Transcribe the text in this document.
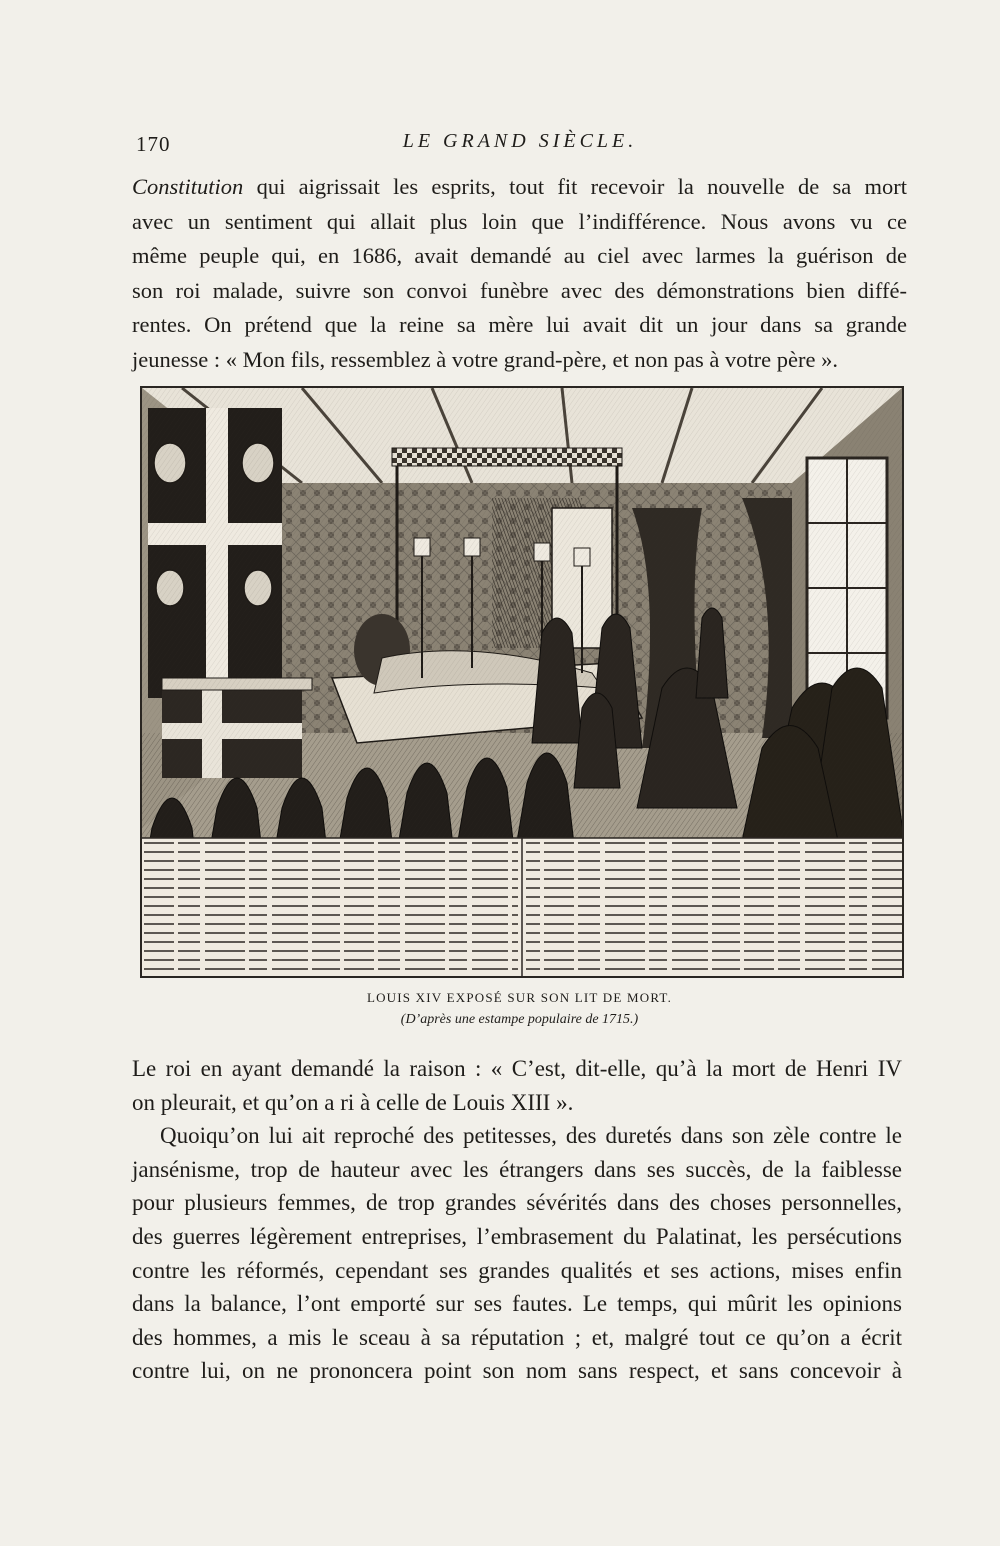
170	LE GRAND SIÈCLE.

Constitution qui aigrissait les esprits, tout fit recevoir la nouvelle de sa mort
avec un sentiment qui allait plus loin que l’indifférence. Nous avons vu ce
même peuple qui, en 1686, avait demandé au ciel avec larmes la guérison de
son roi malade, suivre son convoi funèbre avec des démonstrations bien diffé-
rentes. On prétend que la reine sa mère lui avait dit un jour dans sa grande
jeunesse : « Mon fils, ressemblez à votre grand-père, et non pas à votre père ».

LOUIS XIV EXPOSÉ SUR SON LIT DE MORT.
(D’après une estampe populaire de 1715.)

Le roi en ayant demandé la raison : « C’est, dit-elle, qu’à la mort de Henri IV
on pleurait, et qu’on a ri à celle de Louis XIII ».
Quoiqu’on lui ait reproché des petitesses, des duretés dans son zèle contre le
jansénisme, trop de hauteur avec les étrangers dans ses succès, de la faiblesse
pour plusieurs femmes, de trop grandes sévérités dans des choses personnelles,
des guerres légèrement entreprises, l’embrasement du Palatinat, les persécutions
contre les réformés, cependant ses grandes qualités et ses actions, mises enfin
dans la balance, l’ont emporté sur ses fautes. Le temps, qui mûrit les opinions
des hommes, a mis le sceau à sa réputation ; et, malgré tout ce qu’on a écrit
contre lui, on ne prononcera point son nom sans respect, et sans concevoir à
